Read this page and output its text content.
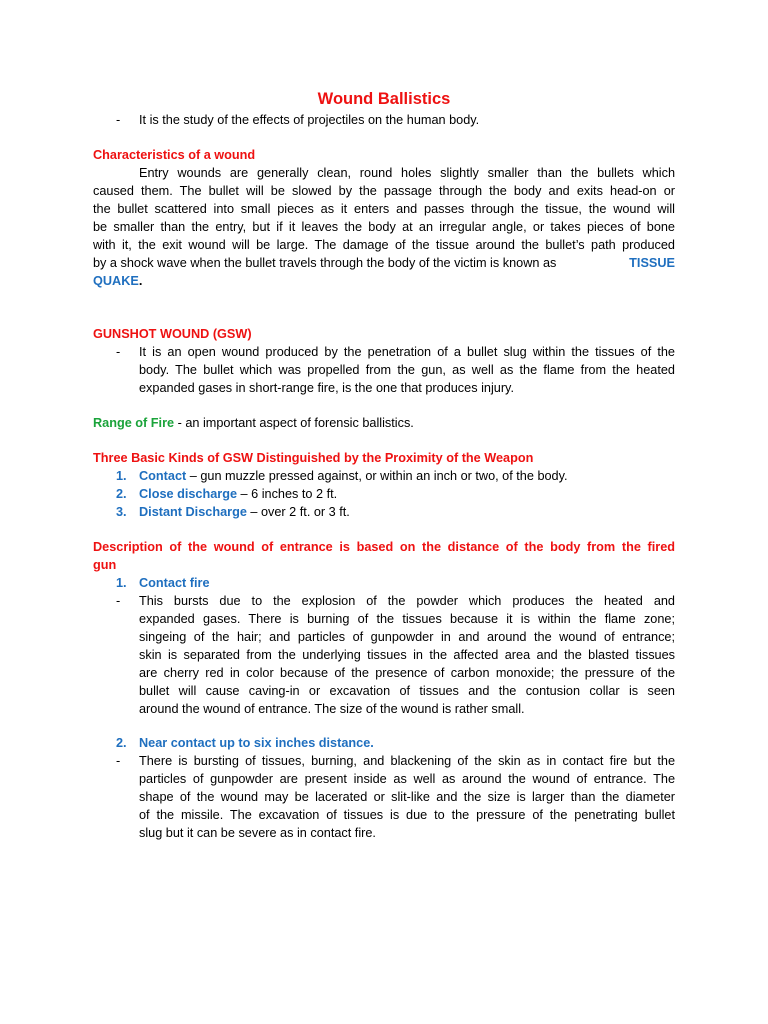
Wound Ballistics
- It is the study of the effects of projectiles on the human body.
Characteristics of a wound
Entry wounds are generally clean, round holes slightly smaller than the bullets which
caused them. The bullet will be slowed by the passage through the body and exits head-on or
the bullet scattered into small pieces as it enters and passes through the tissue, the wound will
be smaller than the entry, but if it leaves the body at an irregular angle, or takes pieces of bone
with it, the exit wound will be large. The damage of the tissue around the bullet’s path produced
by a shock wave when the bullet travels through the body of the victim is known as	TISSUE
QUAKE.
GUNSHOT WOUND (GSW)
- It is an open wound produced by the penetration of a bullet slug within the tissues of the
body. The bullet which was propelled from the gun, as well as the flame from the heated
expanded gases in short-range fire, is the one that produces injury.
Range of Fire - an important aspect of forensic ballistics.
Three Basic Kinds of GSW Distinguished by the Proximity of the Weapon
1. Contact – gun muzzle pressed against, or within an inch or two, of the body.
2. Close discharge – 6 inches to 2 ft.
3. Distant Discharge – over 2 ft. or 3 ft.
Description of the wound of entrance is based on the distance of the body from the fired
gun
1. Contact fire
- This bursts due to the explosion of the powder which produces the heated and
expanded gases. There is burning of the tissues because it is within the flame zone;
singeing of the hair; and particles of gunpowder in and around the wound of entrance;
skin is separated from the underlying tissues in the affected area and the blasted tissues
are cherry red in color because of the presence of carbon monoxide; the pressure of the
bullet will cause caving-in or excavation of tissues and the contusion collar is seen
around the wound of entrance. The size of the wound is rather small.
2. Near contact up to six inches distance.
- There is bursting of tissues, burning, and blackening of the skin as in contact fire but the
particles of gunpowder are present inside as well as around the wound of entrance. The
shape of the wound may be lacerated or slit-like and the size is larger than the diameter
of the missile. The excavation of tissues is due to the pressure of the penetrating bullet
slug but it can be severe as in contact fire.
